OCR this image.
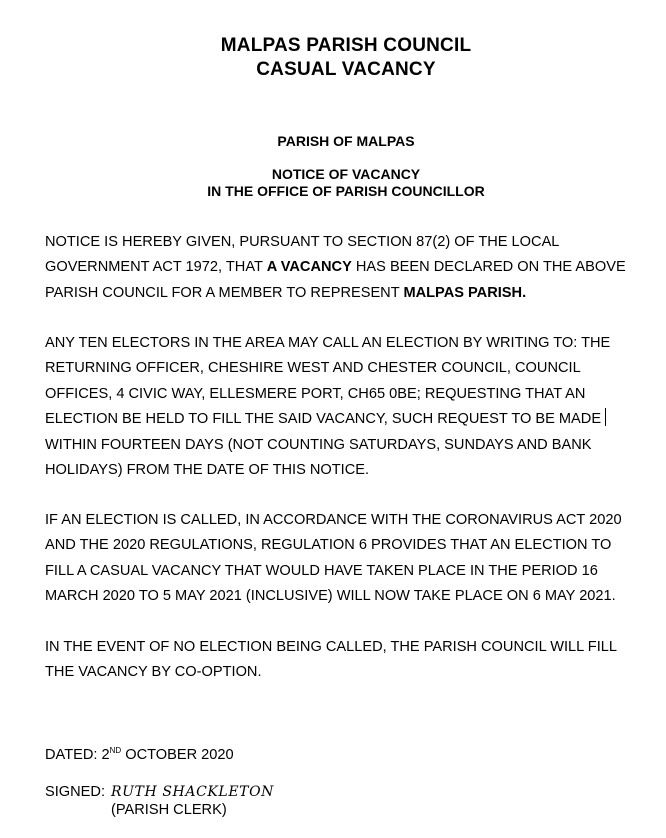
MALPAS PARISH COUNCIL
CASUAL VACANCY
PARISH OF MALPAS
NOTICE OF VACANCY
IN THE OFFICE OF PARISH COUNCILLOR
NOTICE IS HEREBY GIVEN, PURSUANT TO SECTION 87(2) OF THE LOCAL
GOVERNMENT ACT 1972, THAT A VACANCY HAS BEEN DECLARED ON THE ABOVE
PARISH COUNCIL FOR A MEMBER TO REPRESENT MALPAS PARISH.
ANY TEN ELECTORS IN THE AREA MAY CALL AN ELECTION BY WRITING TO: THE
RETURNING OFFICER, CHESHIRE WEST AND CHESTER COUNCIL, COUNCIL
OFFICES, 4 CIVIC WAY, ELLESMERE PORT, CH65 0BE; REQUESTING THAT AN
ELECTION BE HELD TO FILL THE SAID VACANCY, SUCH REQUEST TO BE MADE
WITHIN FOURTEEN DAYS (NOT COUNTING SATURDAYS, SUNDAYS AND BANK
HOLIDAYS) FROM THE DATE OF THIS NOTICE.
IF AN ELECTION IS CALLED, IN ACCORDANCE WITH THE CORONAVIRUS ACT 2020
AND THE 2020 REGULATIONS, REGULATION 6 PROVIDES THAT AN ELECTION TO
FILL A CASUAL VACANCY THAT WOULD HAVE TAKEN PLACE IN THE PERIOD 16
MARCH 2020 TO 5 MAY 2021 (INCLUSIVE) WILL NOW TAKE PLACE ON 6 MAY 2021.
IN THE EVENT OF NO ELECTION BEING CALLED, THE PARISH COUNCIL WILL FILL
THE VACANCY BY CO-OPTION.
DATED: 2ND OCTOBER 2020
SIGNED: RUTH SHACKLETON
(PARISH CLERK)
